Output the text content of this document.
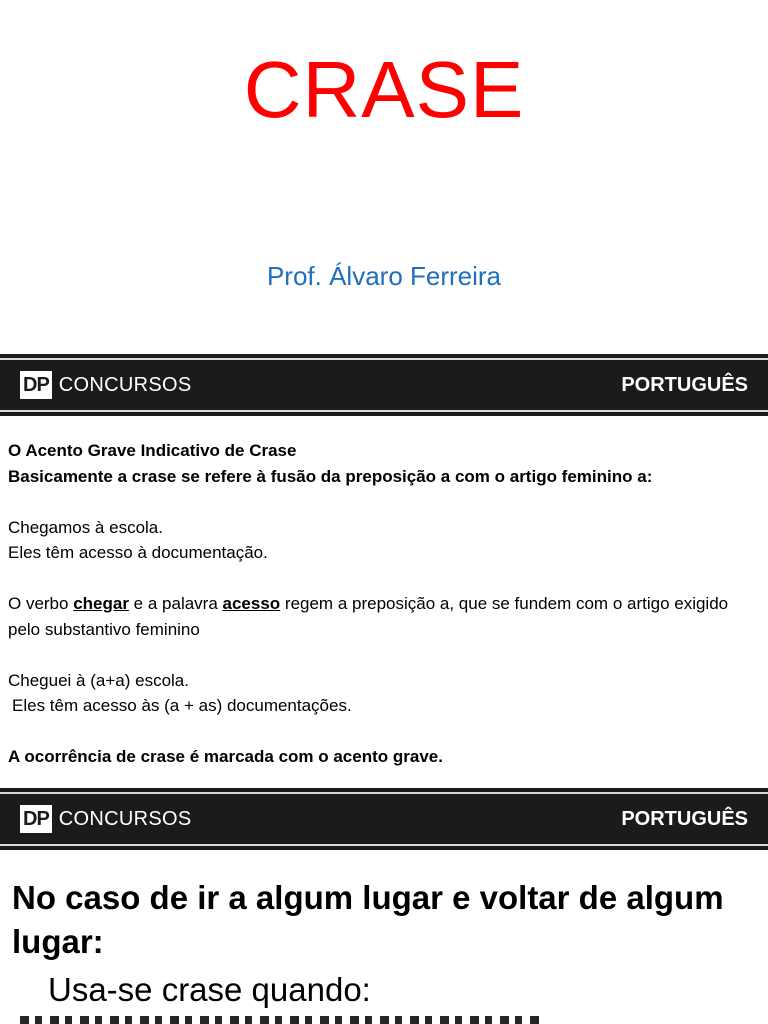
CRASE
Prof. Álvaro Ferreira
DP CONCURSOS	PORTUGUÊS

O Acento Grave Indicativo de Crase

Basicamente a crase se refere à fusão da preposição a com o artigo feminino a:

Chegamos à escola.

Eles têm acesso à documentação.

O verbo chegar e a palavra acesso regem a preposição a, que se fundem com o artigo exigido pelo substantivo feminino

Cheguei à (a+a) escola.

Eles têm acesso às (a + as) documentações.

A ocorrência de crase é marcada com o acento grave.

DP CONCURSOS	PORTUGUÊS

No caso de ir a algum lugar e voltar de algum lugar:

Usa-se crase quando:
